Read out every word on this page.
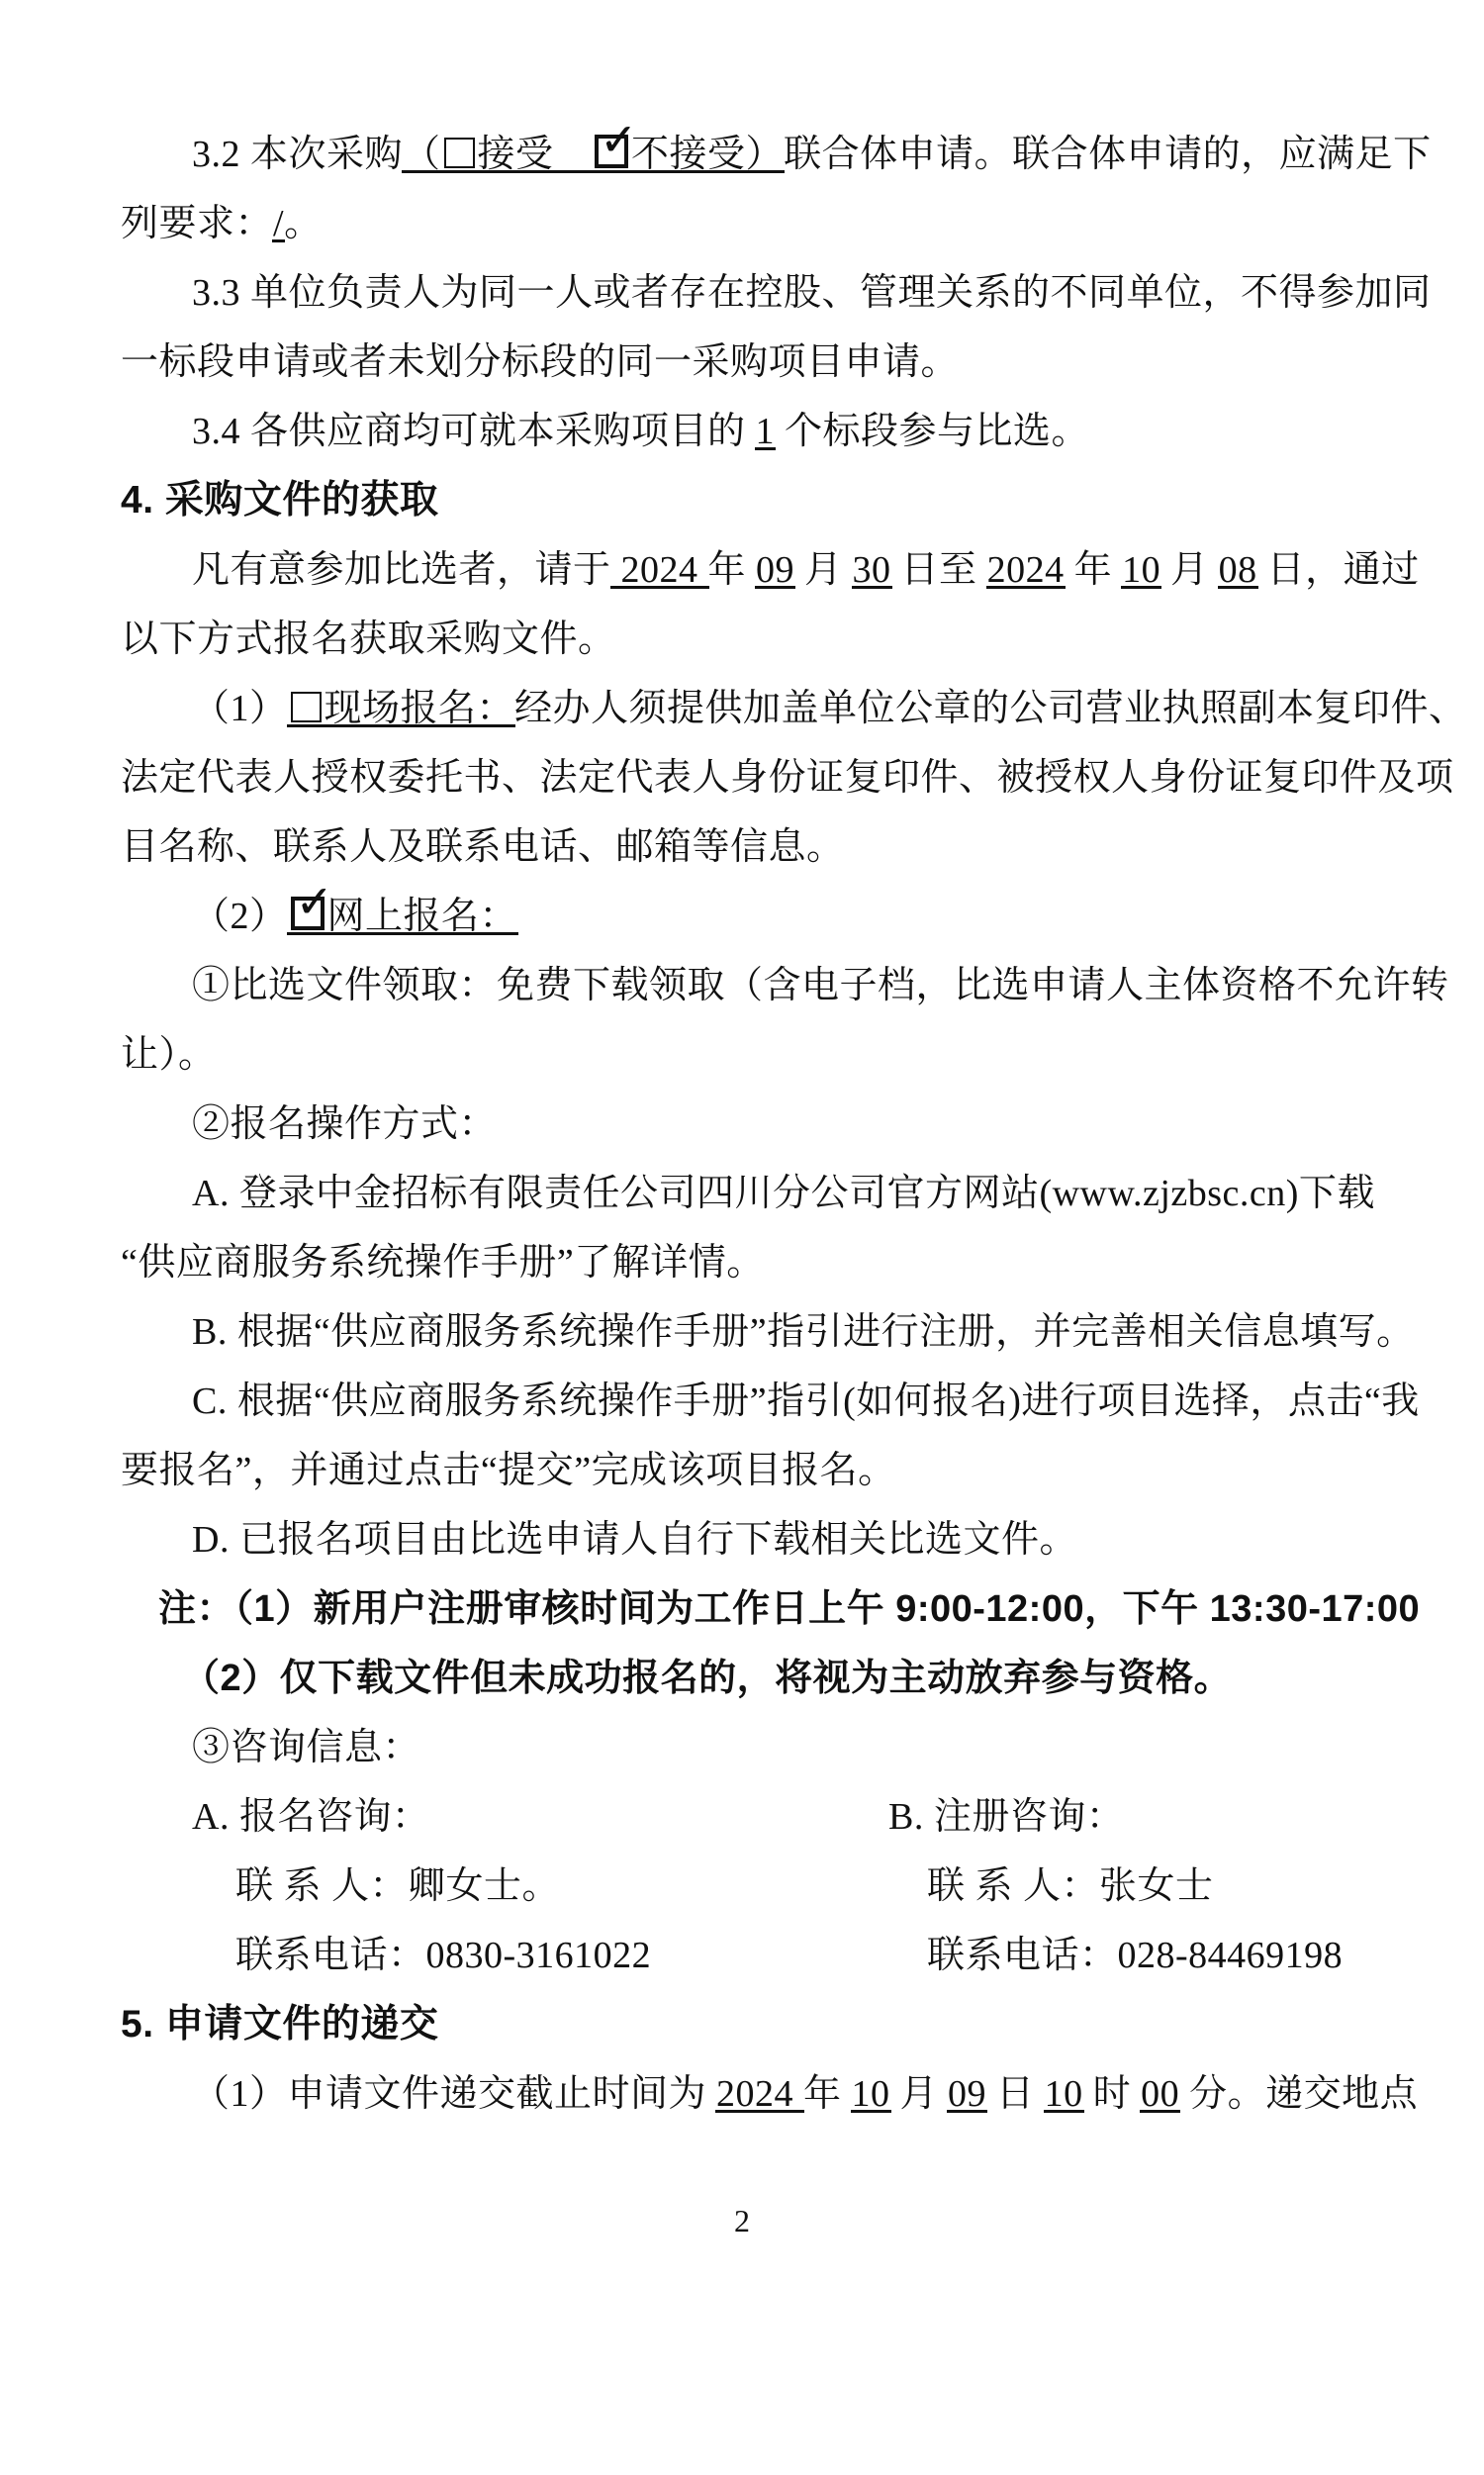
3.2 本次采购（ 接受　 ✓
不接受）联合体申请。联合体申请的，应满足下
列要求：/。
3.3 单位负责人为同一人或者存在控股、管理关系的不同单位，不得参加同
一标段申请或者未划分标段的同一采购项目申请。
3.4 各供应商均可就本采购项目的 1 个标段参与比选。
4. 采购文件的获取
凡有意参加比选者，请于 2024 年 09 月 30 日至 2024 年 10 月 08 日，通过
以下方式报名获取采购文件。
（1） 现场报名：经办人须提供加盖单位公章的公司营业执照副本复印件、
法定代表人授权委托书、法定代表人身份证复印件、被授权人身份证复印件及项
目名称、联系人及联系电话、邮箱等信息。
（2） ✓
网上报名：
①比选文件领取：免费下载领取（含电子档，比选申请人主体资格不允许转
让）。
②报名操作方式：
A. 登录中金招标有限责任公司四川分公司官方网站(www.zjzbsc.cn)下载
“供应商服务系统操作手册”了解详情。
B. 根据“供应商服务系统操作手册”指引进行注册，并完善相关信息填写。
C. 根据“供应商服务系统操作手册”指引(如何报名)进行项目选择，点击“我
要报名”，并通过点击“提交”完成该项目报名。
D. 已报名项目由比选申请人自行下载相关比选文件。
注：（1）新用户注册审核时间为工作日上午 9:00-12:00，下午 13:30-17:00
（2）仅下载文件但未成功报名的，将视为主动放弃参与资格。
③咨询信息：
A. 报名咨询：	B. 注册咨询：
联 系 人：卿女士。	联 系 人：张女士
联系电话：0830-3161022	联系电话：028-84469198
5. 申请文件的递交
（1）申请文件递交截止时间为 2024 年 10 月 09 日 10 时 00 分。递交地点
2
